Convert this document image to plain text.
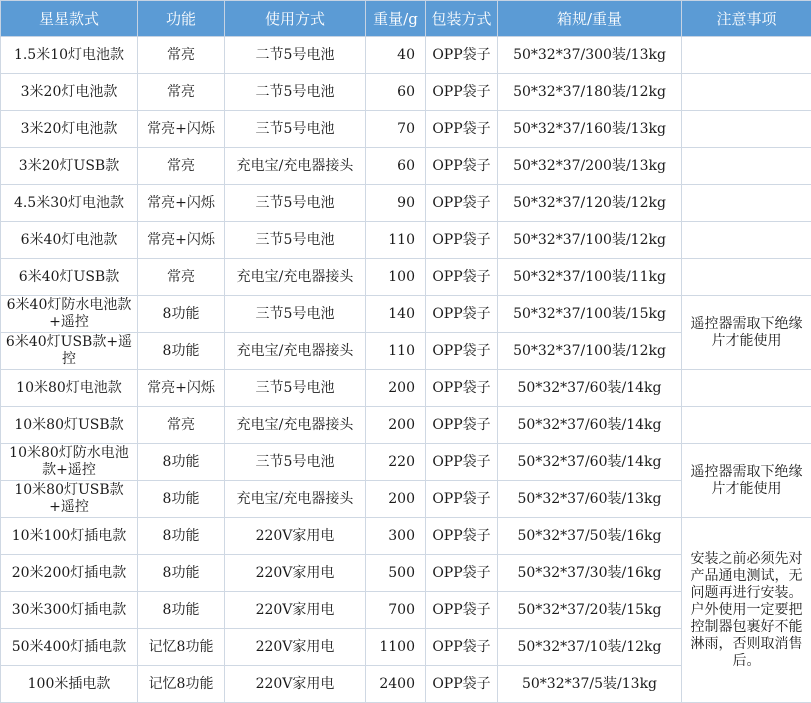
星星款式	功能	使用方式	重量/g	包装方式	箱规/重量	注意事项
1.5米10灯电池款	常亮	二节5号电池	40	OPP袋子	50*32*37/300装/13kg	
3米20灯电池款	常亮	二节5号电池	60	OPP袋子	50*32*37/180装/12kg	
3米20灯电池款	常亮+闪烁	三节5号电池	70	OPP袋子	50*32*37/160装/13kg	
3米20灯USB款	常亮	充电宝/充电器接头	60	OPP袋子	50*32*37/200装/13kg	
4.5米30灯电池款	常亮+闪烁	三节5号电池	90	OPP袋子	50*32*37/120装/12kg	
6米40灯电池款	常亮+闪烁	三节5号电池	110	OPP袋子	50*32*37/100装/12kg	
6米40灯USB款	常亮	充电宝/充电器接头	100	OPP袋子	50*32*37/100装/11kg	
6米40灯防水电池款+遥控	8功能	三节5号电池	140	OPP袋子	50*32*37/100装/15kg	遥控器需取下绝缘片才能使用
6米40灯USB款+遥控	8功能	充电宝/充电器接头	110	OPP袋子	50*32*37/100装/12kg	
10米80灯电池款	常亮+闪烁	三节5号电池	200	OPP袋子	50*32*37/60装/14kg	
10米80灯USB款	常亮	充电宝/充电器接头	200	OPP袋子	50*32*37/60装/14kg	
10米80灯防水电池款+遥控	8功能	三节5号电池	220	OPP袋子	50*32*37/60装/14kg	遥控器需取下绝缘片才能使用
10米80灯USB款+遥控	8功能	充电宝/充电器接头	200	OPP袋子	50*32*37/60装/13kg	
10米100灯插电款	8功能	220V家用电	300	OPP袋子	50*32*37/50装/16kg	安装之前必须先对产品通电测试，无问题再进行安装。户外使用一定要把控制器包裹好不能淋雨，否则取消售后。
20米200灯插电款	8功能	220V家用电	500	OPP袋子	50*32*37/30装/16kg	
30米300灯插电款	8功能	220V家用电	700	OPP袋子	50*32*37/20装/15kg	
50米400灯插电款	记忆8功能	220V家用电	1100	OPP袋子	50*32*37/10装/12kg	
100米插电款	记忆8功能	220V家用电	2400	OPP袋子	50*32*37/5装/13kg	
